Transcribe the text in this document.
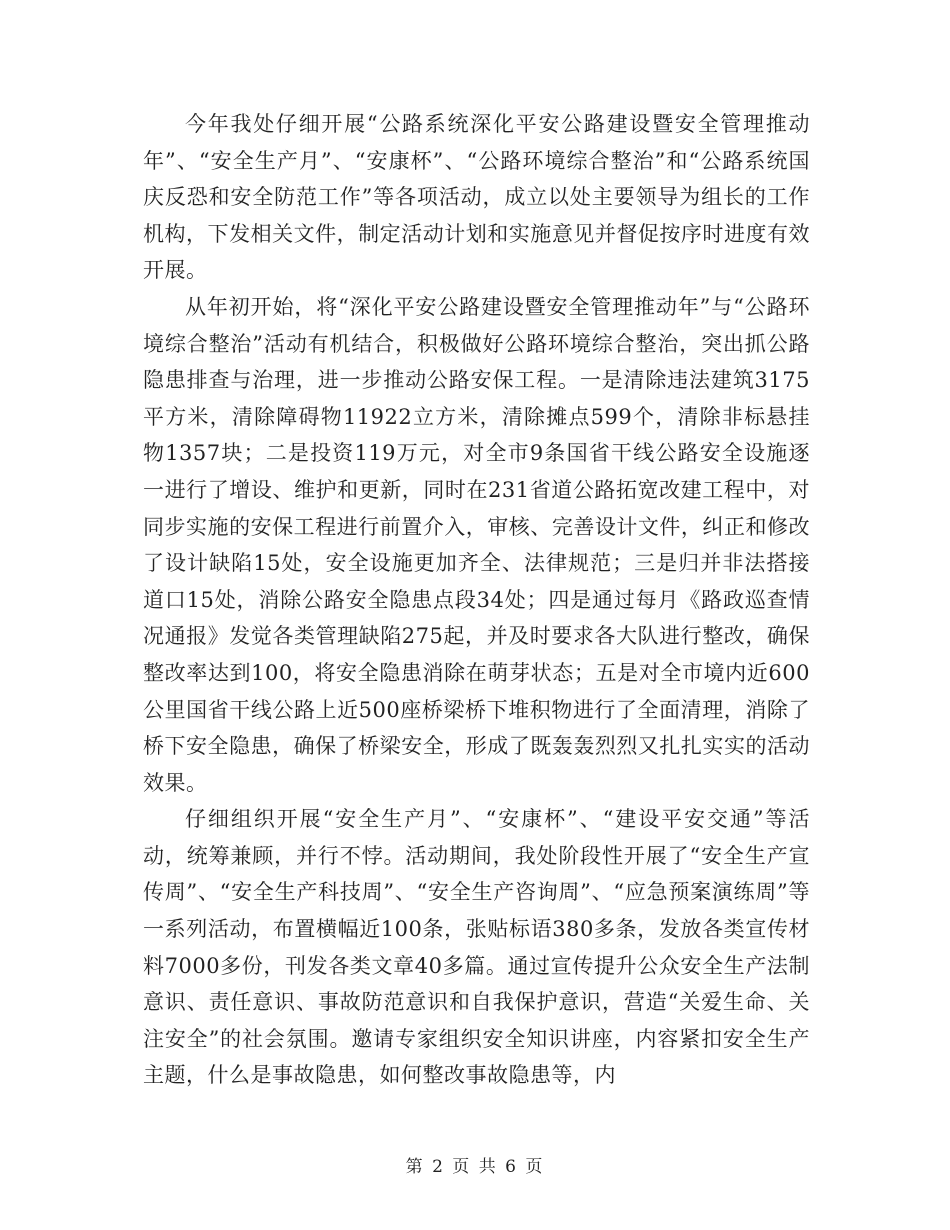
今年我处仔细开展“公路系统深化平安公路建设暨安全管理推动年”、“安全生产月”、“安康杯”、“公路环境综合整治”和“公路系统国庆反恐和安全防范工作”等各项活动，成立以处主要领导为组长的工作机构，下发相关文件，制定活动计划和实施意见并督促按序时进度有效开展。

从年初开始，将“深化平安公路建设暨安全管理推动年”与“公路环境综合整治”活动有机结合，积极做好公路环境综合整治，突出抓公路隐患排查与治理，进一步推动公路安保工程。一是清除违法建筑3175平方米，清除障碍物11922立方米，清除摊点599个，清除非标悬挂物1357块；二是投资119万元，对全市9条国省干线公路安全设施逐一进行了增设、维护和更新，同时在231省道公路拓宽改建工程中，对同步实施的安保工程进行前置介入，审核、完善设计文件，纠正和修改了设计缺陷15处，安全设施更加齐全、法律规范；三是归并非法搭接道口15处，消除公路安全隐患点段34处；四是通过每月《路政巡查情况通报》发觉各类管理缺陷275起，并及时要求各大队进行整改，确保整改率达到100，将安全隐患消除在萌芽状态；五是对全市境内近600公里国省干线公路上近500座桥梁桥下堆积物进行了全面清理，消除了桥下安全隐患，确保了桥梁安全，形成了既轰轰烈烈又扎扎实实的活动效果。

仔细组织开展“安全生产月”、“安康杯”、“建设平安交通”等活动，统筹兼顾，并行不悖。活动期间，我处阶段性开展了“安全生产宣传周”、“安全生产科技周”、“安全生产咨询周”、“应急预案演练周”等一系列活动，布置横幅近100条，张贴标语380多条，发放各类宣传材料7000多份，刊发各类文章40多篇。通过宣传提升公众安全生产法制意识、责任意识、事故防范意识和自我保护意识，营造“关爱生命、关注安全”的社会氛围。邀请专家组织安全知识讲座，内容紧扣安全生产主题，什么是事故隐患，如何整改事故隐患等，内

第 2 页 共 6 页
